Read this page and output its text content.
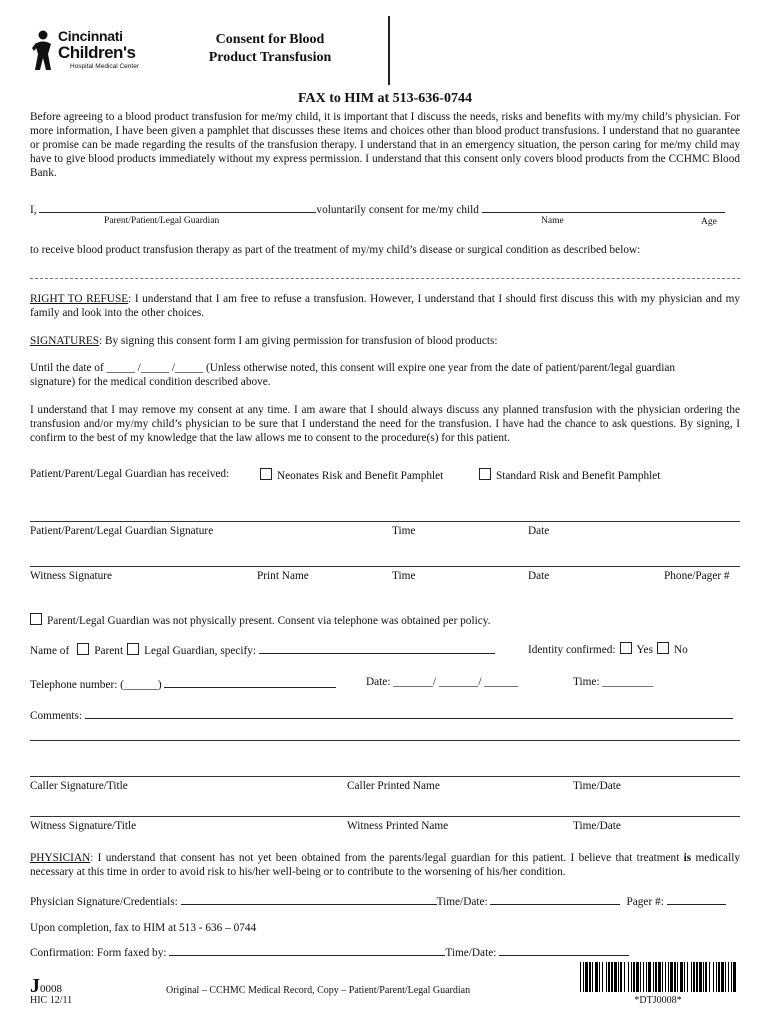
Cincinnati
Children's
Hospital Medical Center
Consent for Blood
Product Transfusion
FAX to HIM at 513-636-0744
Before agreeing to a blood product transfusion for me/my child, it is important that I discuss the needs, risks and benefits with my/my child’s physician. For more information, I have been given a pamphlet that discusses these items and choices other than blood product transfusions. I understand that no guarantee or promise can be made regarding the results of the transfusion therapy. I understand that in an emergency situation, the person caring for me/my child may have to give blood products immediately without my express permission. I understand that this consent only covers blood products from the CCHMC Blood Bank.
I,	voluntarily consent for me/my child
Parent/Patient/Legal Guardian	Name	Age
to receive blood product transfusion therapy as part of the treatment of my/my child’s disease or surgical condition as described below:
RIGHT TO REFUSE: I understand that I am free to refuse a transfusion. However, I understand that I should first discuss this with my physician and my family and look into the other choices.
SIGNATURES: By signing this consent form I am giving permission for transfusion of blood products:
Until the date of _____ /_____ /_____ (Unless otherwise noted, this consent will expire one year from the date of patient/parent/legal guardian
signature) for the medical condition described above.
I understand that I may remove my consent at any time. I am aware that I should always discuss any planned transfusion with the physician ordering the transfusion and/or my/my child’s physician to be sure that I understand the need for the transfusion. I have had the chance to ask questions. By signing, I confirm to the best of my knowledge that the law allows me to consent to the procedure(s) for this patient.
Patient/Parent/Legal Guardian has received:	Neonates Risk and Benefit Pamphlet	Standard Risk and Benefit Pamphlet
Patient/Parent/Legal Guardian Signature	Time	Date
Witness Signature	Print Name	Time	Date	Phone/Pager #
Parent/Legal Guardian was not physically present. Consent via telephone was obtained per policy.
Name of Parent Legal Guardian, specify:	Identity confirmed: Yes No
Telephone number: (______)	Date: _______/ _______/ ______	Time: _________
Comments:
Caller Signature/Title	Caller Printed Name	Time/Date
Witness Signature/Title	Witness Printed Name	Time/Date
PHYSICIAN: I understand that consent has not yet been obtained from the parents/legal guardian for this patient. I believe that treatment is medically necessary at this time in order to avoid risk to his/her well-being or to contribute to the worsening of his/her condition.
Physician Signature/Credentials:	Time/Date:	Pager #:
Upon completion, fax to HIM at 513 - 636 – 0744
Confirmation: Form faxed by:	Time/Date:
J0008
HIC 12/11
Original – CCHMC Medical Record, Copy – Patient/Parent/Legal Guardian
*DTJ0008*
